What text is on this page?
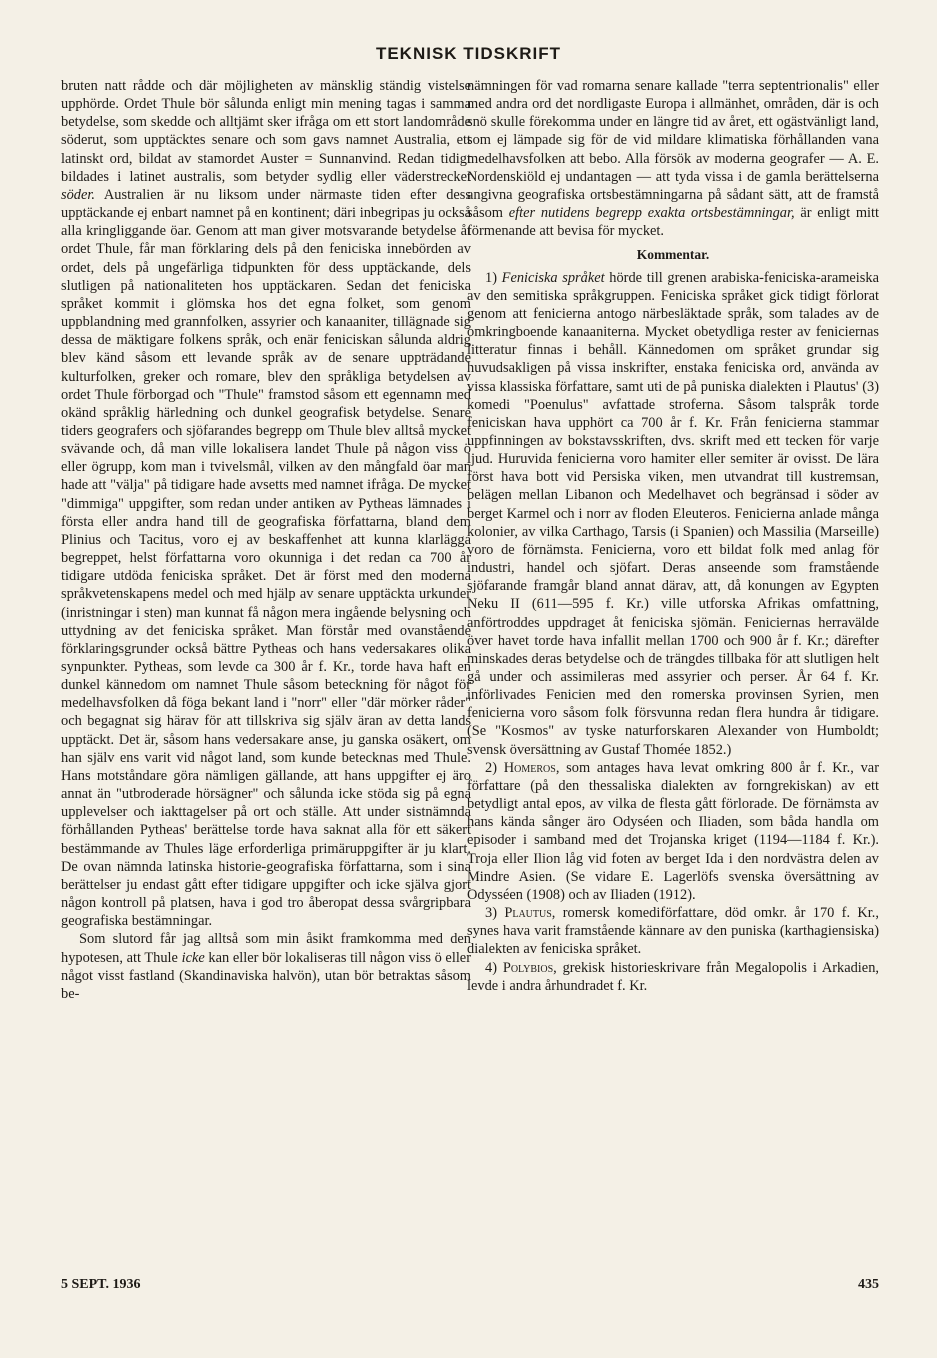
TEKNISK TIDSKRIFT

bruten natt rådde och där möjligheten av mänsklig ständig vistelse upphörde. Ordet Thule bör sålunda enligt min mening tagas i samma betydelse, som skedde och alltjämt sker ifråga om ett stort landområde söderut, som upptäcktes senare och som gavs namnet Australia, ett latinskt ord, bildat av stamordet Auster = Sunnanvind. Redan tidigt bildades i latinet australis, som betyder sydlig eller väderstrecket söder. Australien är nu liksom under närmaste tiden efter dess upptäckande ej enbart namnet på en kontinent; däri inbegripas ju också alla kringliggande öar. Genom att man giver motsvarande betydelse åt ordet Thule, får man förklaring dels på den feniciska innebörden av ordet, dels på ungefärliga tidpunkten för dess upptäckande, dels slutligen på nationaliteten hos upptäckaren. Sedan det feniciska språket kommit i glömska hos det egna folket, som genom uppblandning med grannfolken, assyrier och kanaaniter, tillägnade sig dessa de mäktigare folkens språk, och enär feniciskan sålunda aldrig blev känd såsom ett levande språk av de senare uppträdande kulturfolken, greker och romare, blev den språkliga betydelsen av ordet Thule förborgad och "Thule" framstod såsom ett egennamn med okänd språklig härledning och dunkel geografisk betydelse. Senare tiders geografers och sjöfarandes begrepp om Thule blev alltså mycket svävande och, då man ville lokalisera landet Thule på någon viss ö eller ögrupp, kom man i tvivelsmål, vilken av den mångfald öar man hade att "välja" på tidigare hade avsetts med namnet ifråga. De mycket "dimmiga" uppgifter, som redan under antiken av Pytheas lämnades i första eller andra hand till de geografiska författarna, bland dem Plinius och Tacitus, voro ej av beskaffenhet att kunna klarlägga begreppet, helst författarna voro okunniga i det redan ca 700 år tidigare utdöda feniciska språket. Det är först med den moderna språkvetenskapens medel och med hjälp av senare upptäckta urkunder (inristningar i sten) man kunnat få någon mera ingående belysning och uttydning av det feniciska språket. Man förstår med ovanstående förklaringsgrunder också bättre Pytheas och hans vedersakares olika synpunkter. Pytheas, som levde ca 300 år f. Kr., torde hava haft en dunkel kännedom om namnet Thule såsom beteckning för något för medelhavsfolken då föga bekant land i "norr" eller "där mörker råder" och begagnat sig härav för att tillskriva sig själv äran av detta lands upptäckt. Det är, såsom hans vedersakare anse, ju ganska osäkert, om han själv ens varit vid något land, som kunde betecknas med Thule. Hans motståndare göra nämligen gällande, att hans uppgifter ej äro annat än "utbroderade hörsägner" och sålunda icke stöda sig på egna upplevelser och iakttagelser på ort och ställe. Att under sistnämnda förhållanden Pytheas' berättelse torde hava saknat alla för ett säkert bestämmande av Thules läge erforderliga primäruppgifter är ju klart. De ovan nämnda latinska historie-geografiska författarna, som i sina berättelser ju endast gått efter tidigare uppgifter och icke själva gjort någon kontroll på platsen, hava i god tro åberopat dessa svårgripbara geografiska bestämningar.

Som slutord får jag alltså som min åsikt framkomma med den hypotesen, att Thule icke kan eller bör lokaliseras till någon viss ö eller något visst fastland (Skandinaviska halvön), utan bör betraktas såsom be-

nämningen för vad romarna senare kallade "terra septentrionalis" eller med andra ord det nordligaste Europa i allmänhet, områden, där is och snö skulle förekomma under en längre tid av året, ett ogästvänligt land, som ej lämpade sig för de vid mildare klimatiska förhållanden vana medelhavsfolken att bebo. Alla försök av moderna geografer — A. E. Nordenskiöld ej undantagen — att tyda vissa i de gamla berättelserna angivna geografiska ortsbestämningarna på sådant sätt, att de framstå såsom efter nutidens begrepp exakta ortsbestämningar, är enligt mitt förmenande att bevisa för mycket.

Kommentar.

1) Feniciska språket hörde till grenen arabiska-feniciska-arameiska av den semitiska språkgruppen. Feniciska språket gick tidigt förlorat genom att fenicierna antogo närbesläktade språk, som talades av de omkringboende kanaaniterna. Mycket obetydliga rester av feniciernas litteratur finnas i behåll. Kännedomen om språket grundar sig huvudsakligen på vissa inskrifter, enstaka feniciska ord, använda av vissa klassiska författare, samt uti de på puniska dialekten i Plautus' (3) komedi "Poenulus" avfattade stroferna. Såsom talspråk torde feniciskan hava upphört ca 700 år f. Kr. Från fenicierna stammar uppfinningen av bokstavsskriften, dvs. skrift med ett tecken för varje ljud. Huruvida fenicierna voro hamiter eller semiter är ovisst. De lära först hava bott vid Persiska viken, men utvandrat till kustremsan, belägen mellan Libanon och Medelhavet och begränsad i söder av berget Karmel och i norr av floden Eleuteros. Fenicierna anlade många kolonier, av vilka Carthago, Tarsis (i Spanien) och Massilia (Marseille) voro de förnämsta. Fenicierna, voro ett bildat folk med anlag för industri, handel och sjöfart. Deras anseende som framstående sjöfarande framgår bland annat därav, att, då konungen av Egypten Neku II (611—595 f. Kr.) ville utforska Afrikas omfattning, anförtroddes uppdraget åt feniciska sjömän. Feniciernas herravälde över havet torde hava infallit mellan 1700 och 900 år f. Kr.; därefter minskades deras betydelse och de trängdes tillbaka för att slutligen helt gå under och assimileras med assyrier och perser. År 64 f. Kr. införlivades Fenicien med den romerska provinsen Syrien, men fenicierna voro såsom folk försvunna redan flera hundra år tidigare. (Se "Kosmos" av tyske naturforskaren Alexander von Humboldt; svensk översättning av Gustaf Thomée 1852.)

2) Homeros, som antages hava levat omkring 800 år f. Kr., var författare (på den thessaliska dialekten av forngrekiskan) av ett betydligt antal epos, av vilka de flesta gått förlorade. De förnämsta av hans kända sånger äro Odyséen och Iliaden, som båda handla om episoder i samband med det Trojanska kriget (1194—1184 f. Kr.). Troja eller Ilion låg vid foten av berget Ida i den nordvästra delen av Mindre Asien. (Se vidare E. Lagerlöfs svenska översättning av Odysséen (1908) och av Iliaden (1912).

3) Plautus, romersk komediförfattare, död omkr. år 170 f. Kr., synes hava varit framstående kännare av den puniska (karthagiensiska) dialekten av feniciska språket.

4) Polybios, grekisk historieskrivare från Megalopolis i Arkadien, levde i andra århundradet f. Kr.

5 SEPT. 1936	435
